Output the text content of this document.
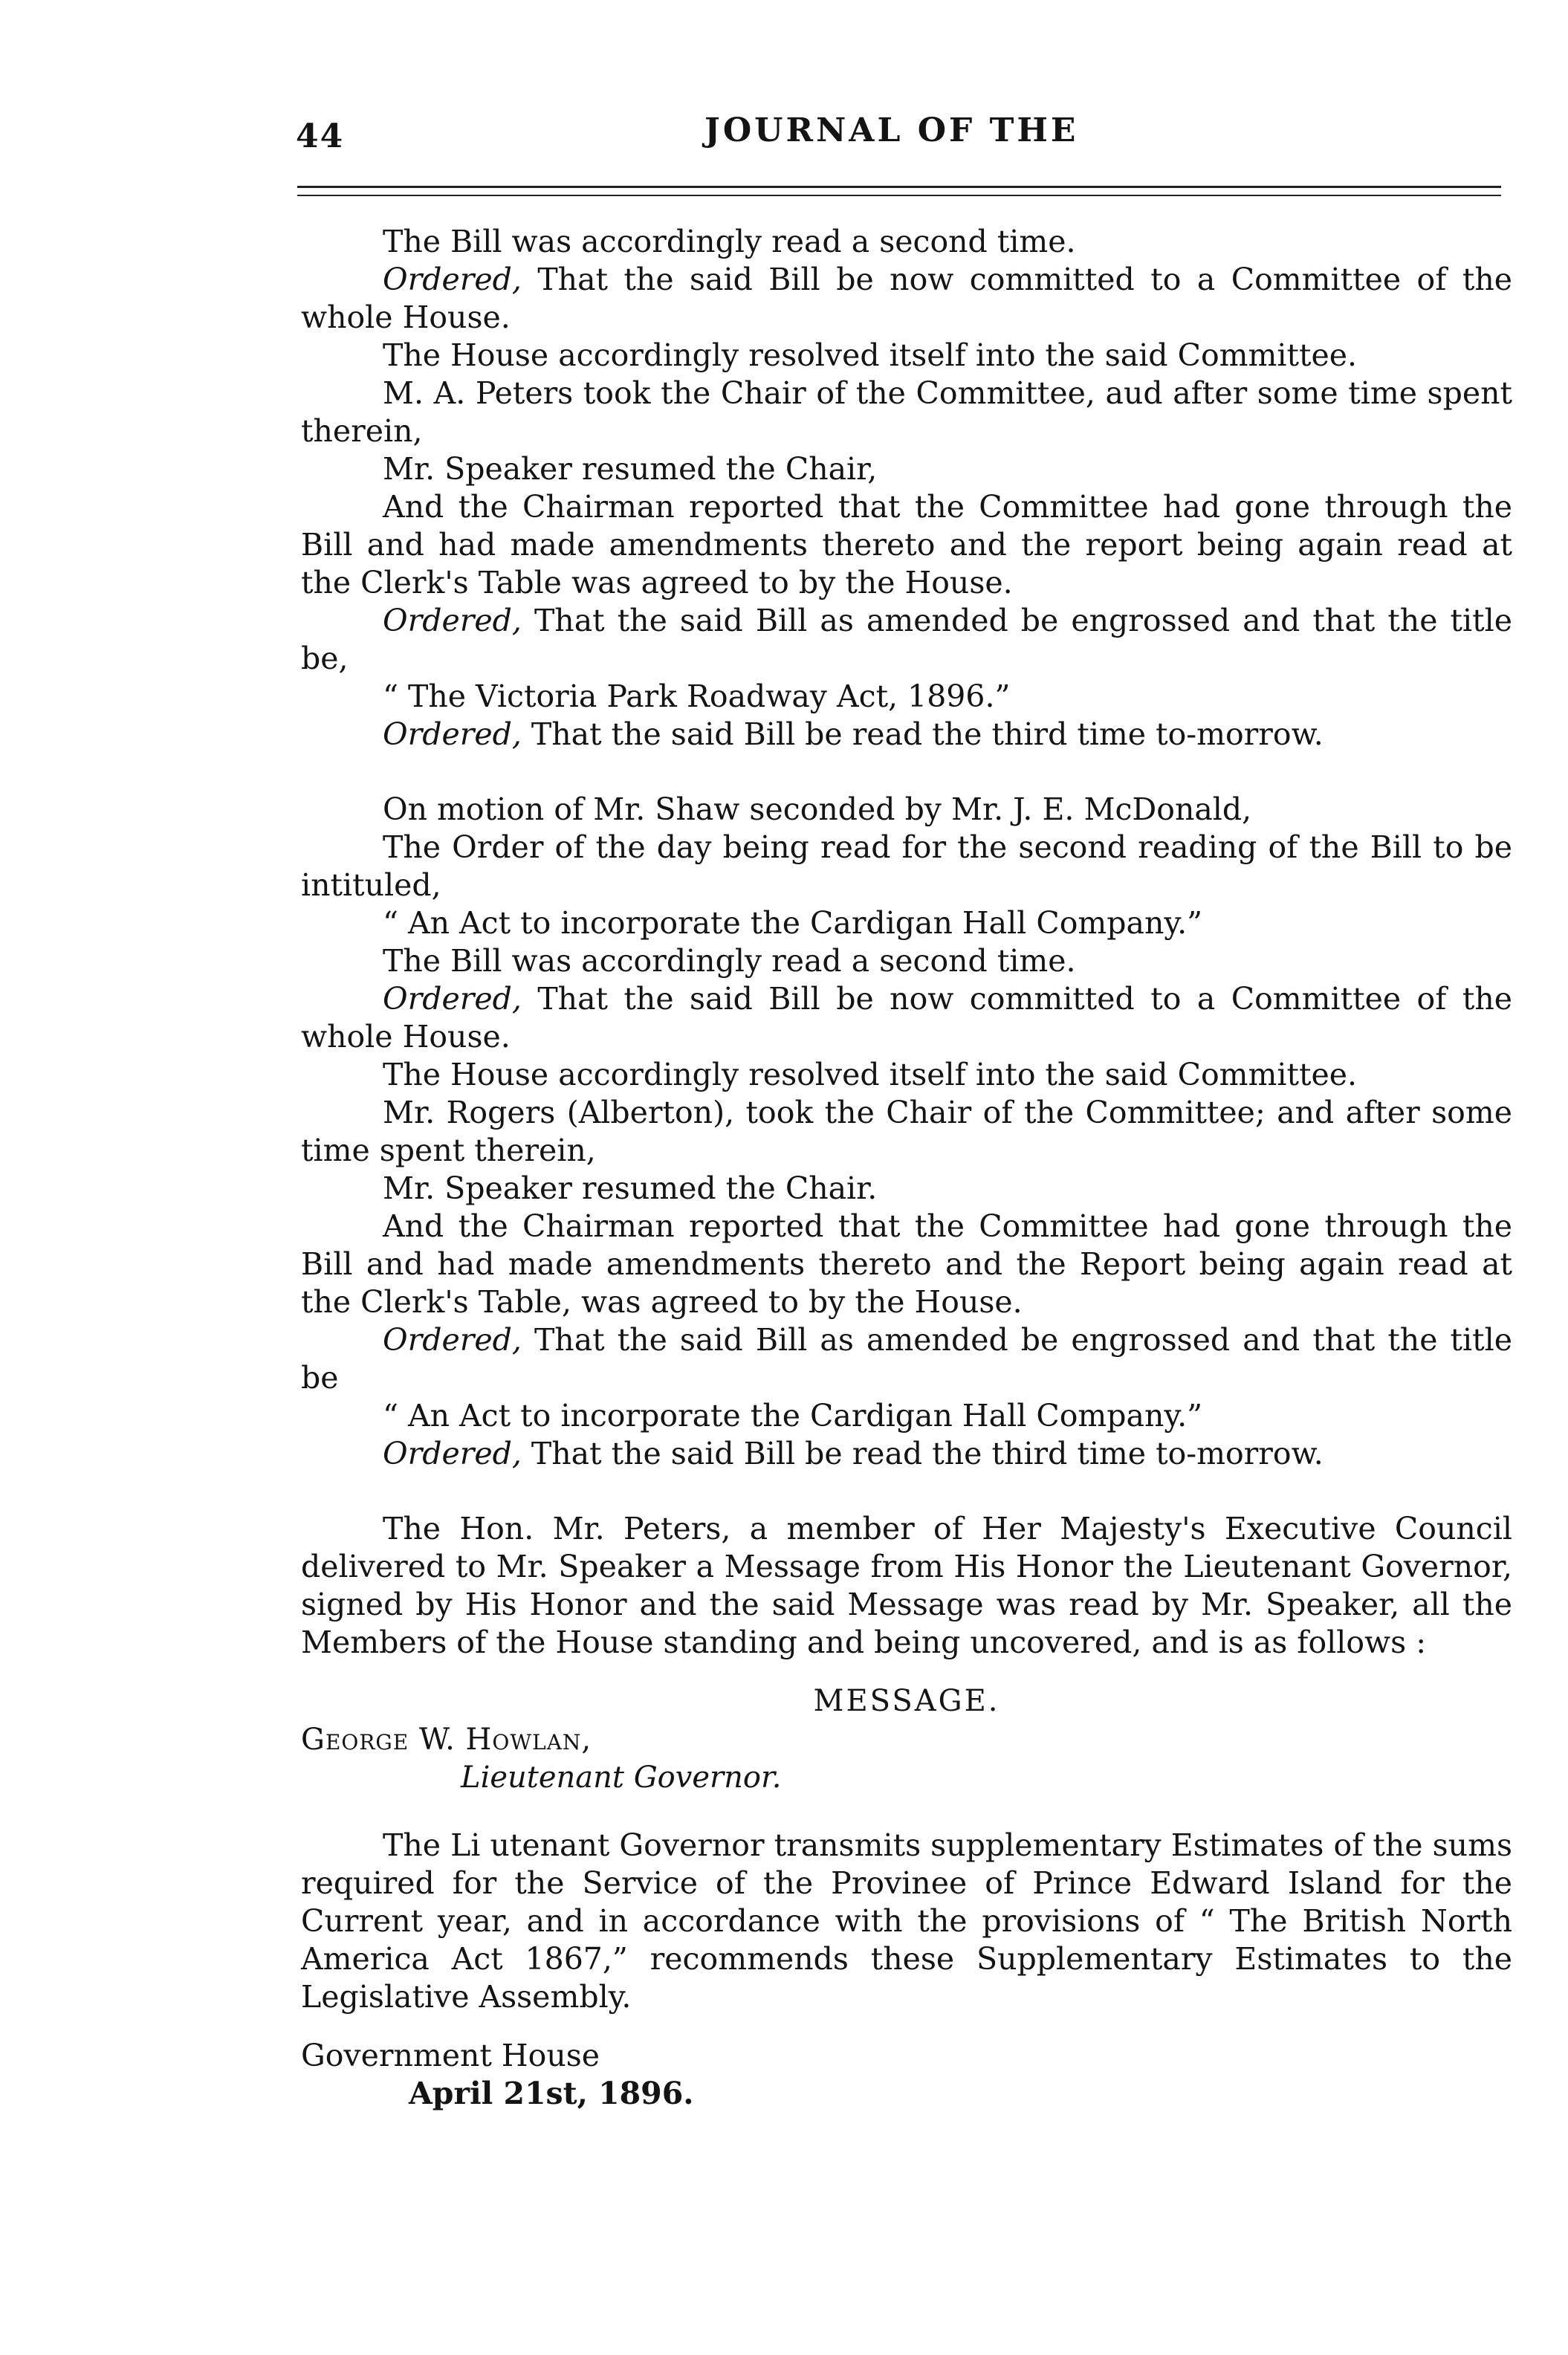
44	JOURNAL OF THE

The Bill was accordingly read a second time.

Ordered, That the said Bill be now committed to a Committee of the whole House.

The House accordingly resolved itself into the said Committee.

M. A. Peters took the Chair of the Committee, aud after some time spent therein,

Mr. Speaker resumed the Chair,

And the Chairman reported that the Committee had gone through the Bill and had made amendments thereto and the report being again read at the Clerk's Table was agreed to by the House.

Ordered, That the said Bill as amended be engrossed and that the title be,

“ The Victoria Park Roadway Act, 1896.”

Ordered, That the said Bill be read the third time to-morrow.

On motion of Mr. Shaw seconded by Mr. J. E. McDonald,

The Order of the day being read for the second reading of the Bill to be intituled,

“ An Act to incorporate the Cardigan Hall Company.”

The Bill was accordingly read a second time.

Ordered, That the said Bill be now committed to a Committee of the whole House.

The House accordingly resolved itself into the said Committee.

Mr. Rogers (Alberton), took the Chair of the Committee; and after some time spent therein,

Mr. Speaker resumed the Chair.

And the Chairman reported that the Committee had gone through the Bill and had made amendments thereto and the Report being again read at the Clerk's Table, was agreed to by the House.

Ordered, That the said Bill as amended be engrossed and that the title be

“ An Act to incorporate the Cardigan Hall Company.”

Ordered, That the said Bill be read the third time to-morrow.

The Hon. Mr. Peters, a member of Her Majesty's Executive Council delivered to Mr. Speaker a Message from His Honor the Lieutenant Governor, signed by His Honor and the said Message was read by Mr. Speaker, all the Members of the House standing and being uncovered, and is as follows :

MESSAGE.
George W. Howlan,
Lieutenant Governor.

The Li utenant Governor transmits supplementary Estimates of the sums required for the Service of the Provinee of Prince Edward Island for the Current year, and in accordance with the provisions of “ The British North America Act 1867,” recommends these Supplementary Estimates to the Legislative Assembly.

Government House
April 21st, 1896.
